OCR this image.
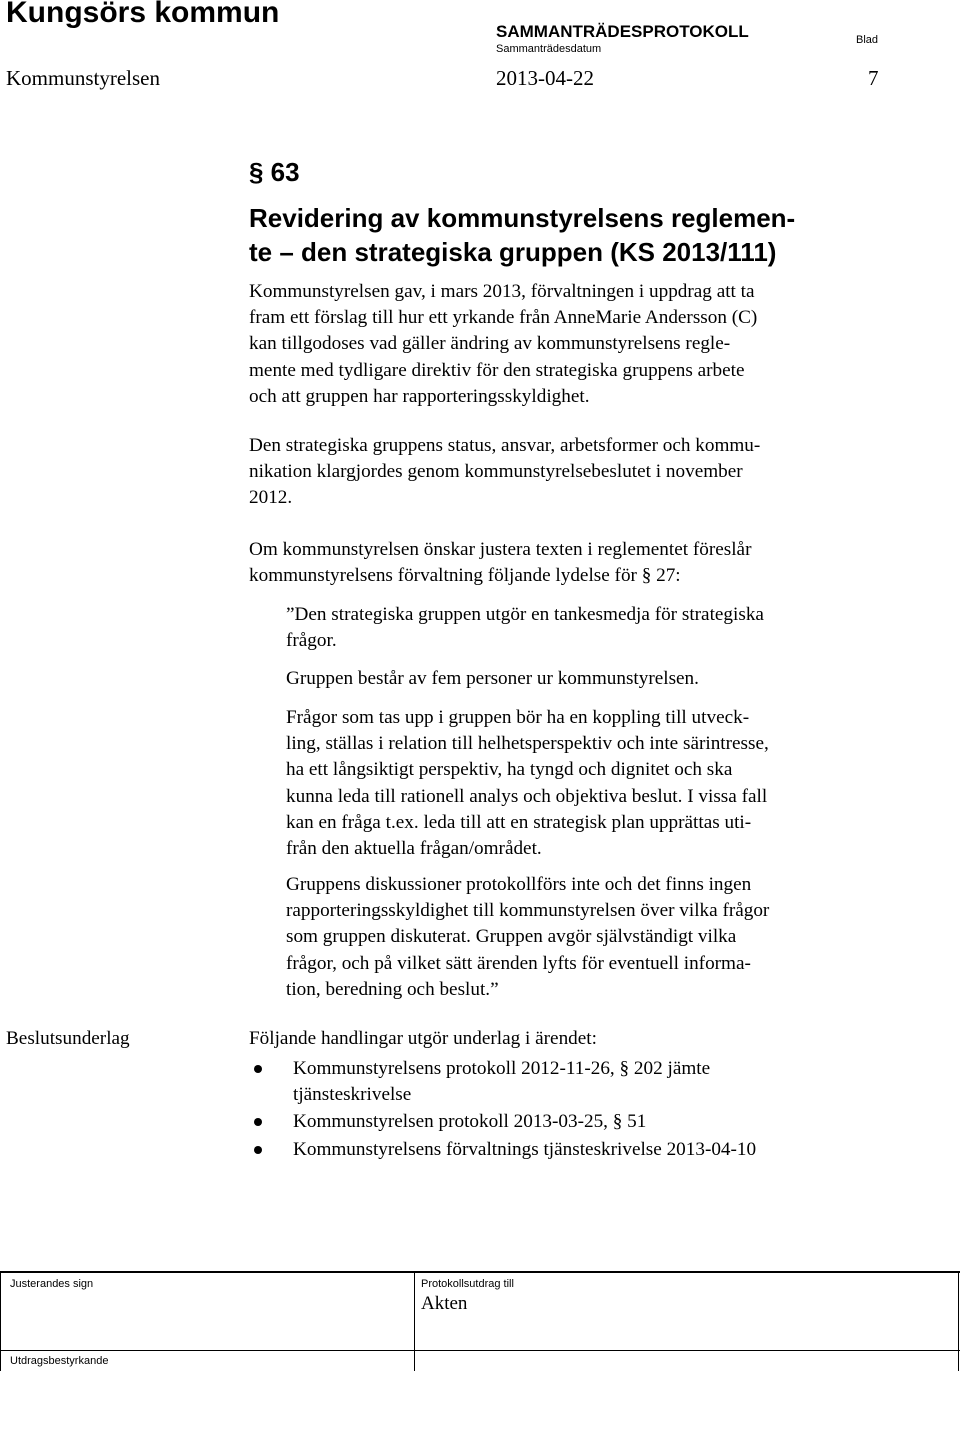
Kungsörs kommun
SAMMANTRÄDESPROTOKOLL
Sammanträdesdatum
Blad
Kommunstyrelsen	2013-04-22	7
§ 63
Revidering av kommunstyrelsens reglemen-
te – den strategiska gruppen (KS 2013/111)
Kommunstyrelsen gav, i mars 2013, förvaltningen i uppdrag att ta
fram ett förslag till hur ett yrkande från AnneMarie Andersson (C)
kan tillgodoses vad gäller ändring av kommunstyrelsens regle-
mente med tydligare direktiv för den strategiska gruppens arbete
och att gruppen har rapporteringsskyldighet.
Den strategiska gruppens status, ansvar, arbetsformer och kommu-
nikation klargjordes genom kommunstyrelsebeslutet i november
2012.
Om kommunstyrelsen önskar justera texten i reglementet föreslår
kommunstyrelsens förvaltning följande lydelse för § 27:
”Den strategiska gruppen utgör en tankesmedja för strategiska
frågor.
Gruppen består av fem personer ur kommunstyrelsen.
Frågor som tas upp i gruppen bör ha en koppling till utveck-
ling, ställas i relation till helhetsperspektiv och inte särintresse,
ha ett långsiktigt perspektiv, ha tyngd och dignitet och ska
kunna leda till rationell analys och objektiva beslut. I vissa fall
kan en fråga t.ex. leda till att en strategisk plan upprättas uti-
från den aktuella frågan/området.
Gruppens diskussioner protokollförs inte och det finns ingen
rapporteringsskyldighet till kommunstyrelsen över vilka frågor
som gruppen diskuterat. Gruppen avgör självständigt vilka
frågor, och på vilket sätt ärenden lyfts för eventuell informa-
tion, beredning och beslut.”
Beslutsunderlag	Följande handlingar utgör underlag i ärendet:
Kommunstyrelsens protokoll 2012-11-26, § 202 jämte
tjänsteskrivelse
Kommunstyrelsen protokoll 2013-03-25, § 51
Kommunstyrelsens förvaltnings tjänsteskrivelse 2013-04-10
Justerandes sign	Protokollsutdrag till
Akten
Utdragsbestyrkande
